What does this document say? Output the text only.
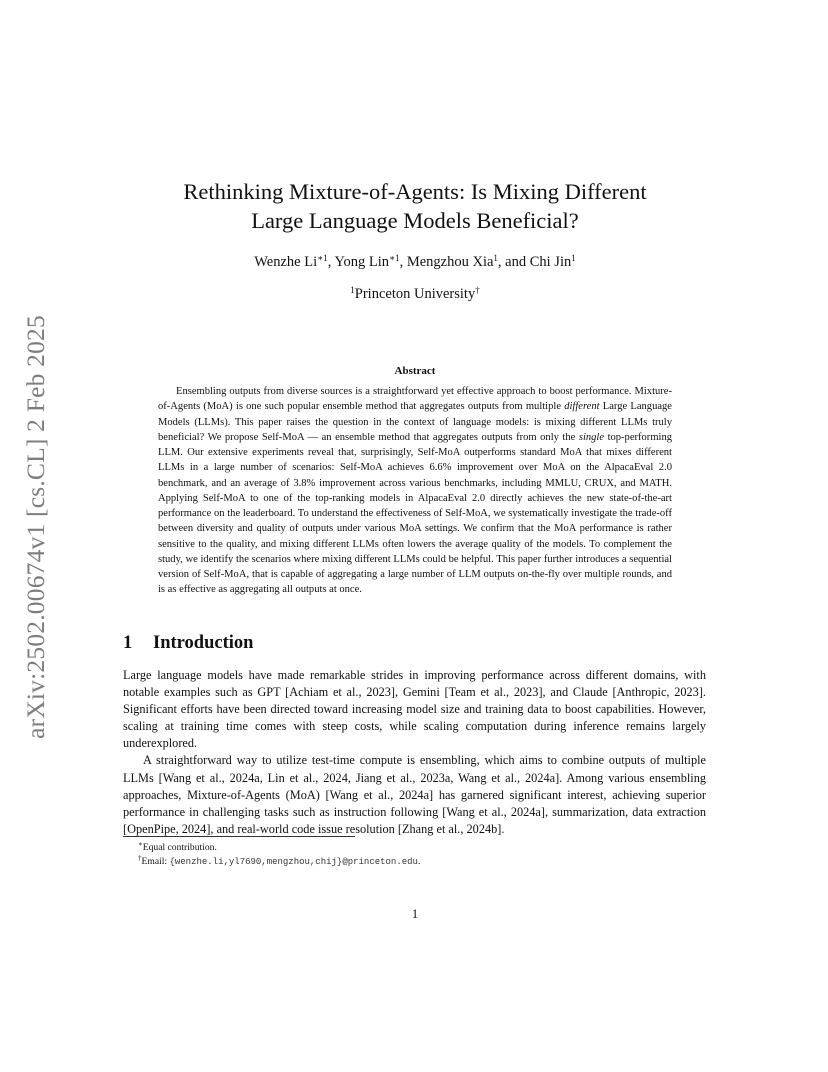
arXiv:2502.00674v1 [cs.CL] 2 Feb 2025
Rethinking Mixture-of-Agents: Is Mixing Different
Large Language Models Beneficial?
Wenzhe $Li^{∗1}$, Yong Lin$^{∗1}$, Mengzhou Xia$^1$, and Chi Jin$^1$
$^1$Princeton University†
Abstract

Ensembling outputs from diverse sources is a straightforward yet effective approach to boost performance. Mixture-of-Agents (MoA) is one such popular ensemble method that aggregates outputs from multiple different Large Language Models (LLMs). This paper raises the question in the context of language models: is mixing different LLMs truly beneficial? We propose Self-MoA — an ensemble method that aggregates outputs from only the single top-performing LLM. Our extensive experiments reveal that, surprisingly, Self-MoA outperforms standard MoA that mixes different LLMs in a large number of scenarios: Self-MoA achieves 6.6% improvement over MoA on the AlpacaEval 2.0 benchmark, and an average of 3.8% improvement across various benchmarks, including MMLU, CRUX, and MATH. Applying Self-MoA to one of the top-ranking models in AlpacaEval 2.0 directly achieves the new state-of-the-art performance on the leaderboard. To understand the effectiveness of Self-MoA, we systematically investigate the trade-off between diversity and quality of outputs under various MoA settings. We confirm that the MoA performance is rather sensitive to the quality, and mixing different LLMs often lowers the average quality of the models. To complement the study, we identify the scenarios where mixing different LLMs could be helpful. This paper further introduces a sequential version of Self-MoA, that is capable of aggregating a large number of LLM outputs on-the-fly over multiple rounds, and is as effective as aggregating all outputs at once.

1 Introduction

Large language models have made remarkable strides in improving performance across different domains, with notable examples such as GPT [Achiam et al., 2023], Gemini [Team et al., 2023], and Claude [Anthropic, 2023]. Significant efforts have been directed toward increasing model size and training data to boost capabilities. However, scaling at training time comes with steep costs, while scaling computation during inference remains largely underexplored.

A straightforward way to utilize test-time compute is ensembling, which aims to combine outputs of multiple LLMs [Wang et al., 2024a, Lin et al., 2024, Jiang et al., 2023a, Wang et al., 2024a]. Among various ensembling approaches, Mixture-of-Agents (MoA) [Wang et al., 2024a] has garnered significant interest, achieving superior performance in challenging tasks such as instruction following [Wang et al., 2024a], summarization, data extraction [OpenPipe, 2024], and real-world code issue resolution [Zhang et al., 2024b].

∗Equal contribution.
†Email: {wenzhe.li,yl7690,mengzhou,chij}@princeton.edu.
1
